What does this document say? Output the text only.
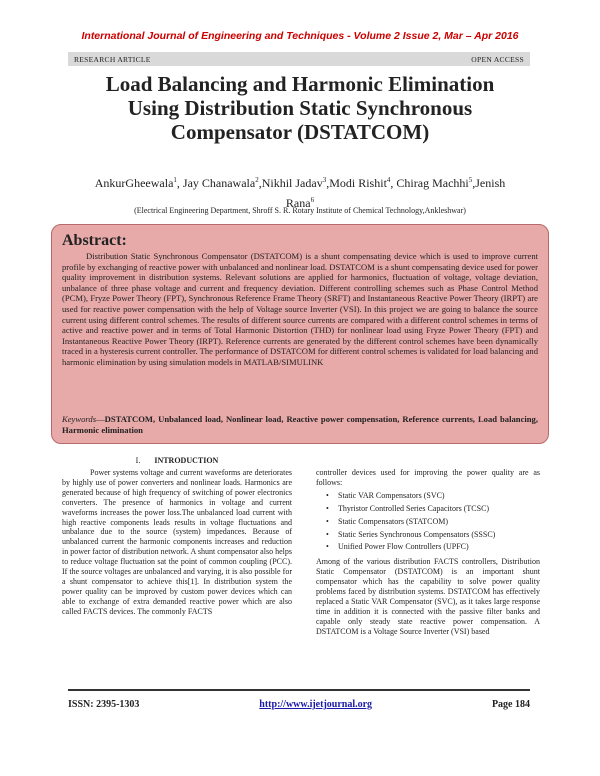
International Journal of Engineering and Techniques - Volume 2 Issue 2, Mar – Apr 2016
RESEARCH ARTICLE	OPEN ACCESS
Load Balancing and Harmonic Elimination
Using Distribution Static Synchronous
Compensator (DSTATCOM)
AnkurGheewala$^1$, Jay Chanawala$^2$,Nikhil Jadav$^3$,Modi Rishit$^4$, Chirag Machhi$^5$,Jenish Rana$^6$
(Electrical Engineering Department, Shroff S. R. Rotary Institute of Chemical Technology,Ankleshwar)
Abstract:
Distribution Static Synchronous Compensator (DSTATCOM) is a shunt compensating device which is used to improve current profile by exchanging of reactive power with unbalanced and nonlinear load. DSTATCOM is a shunt compensating device used for power quality improvement in distribution systems. Relevant solutions are applied for harmonics, fluctuation of voltage, voltage deviation, unbalance of three phase voltage and current and frequency deviation. Different controlling schemes such as Phase Control Method (PCM), Fryze Power Theory (FPT), Synchronous Reference Frame Theory (SRFT) and Instantaneous Reactive Power Theory (IRPT) are used for reactive power compensation with the help of Voltage source Inverter (VSI). In this project we are going to balance the source current using different control schemes. The results of different source currents are compared with a different control schemes in terms of active and reactive power and in terms of Total Harmonic Distortion (THD) for nonlinear load using Fryze Power Theory (FPT) and Instantaneous Reactive Power Theory (IRPT). Reference currents are generated by the different control schemes have been dynamically traced in a hysteresis current controller. The performance of DSTATCOM for different control schemes is validated for load balancing and harmonic elimination by using simulation models in MATLAB/SIMULINK
Keywords—DSTATCOM, Unbalanced load, Nonlinear load, Reactive power compensation, Reference currents, Load balancing, Harmonic elimination
I. INTRODUCTION

Power systems voltage and current waveforms are deteriorates by highly use of power converters and nonlinear loads. Harmonics are generated because of high frequency of switching of power electronics converters. The presence of harmonics in voltage and current waveforms increases the power loss.The unbalanced load current with high reactive components leads results in voltage fluctuations and unbalance due to the source (system) impedances. Because of unbalanced current the harmonic components increases and reduction in power factor of distribution network. A shunt compensator also helps to reduce voltage fluctuation sat the point of common coupling (PCC). If the source voltages are unbalanced and varying, it is also possible for a shunt compensator to achieve this[1]. In distribution system the power quality can be improved by custom power devices which can able to exchange of extra demanded reactive power which are also called FACTS devices. The commonly FACTS

controller devices used for improving the power quality are as follows:

• Static VAR Compensators (SVC)
• Thyristor Controlled Series Capacitors (TCSC)
• Static Compensators (STATCOM)
• Static Series Synchronous Compensators (SSSC)
• Unified Power Flow Controllers (UPFC)

Among of the various distribution FACTS controllers, Distribution Static Compensator (DSTATCOM) is an important shunt compensator which has the capability to solve power quality problems faced by distribution systems. DSTATCOM has effectively replaced a Static VAR Compensator (SVC), as it takes large response time in addition it is connected with the passive filter banks and capable only steady state reactive power compensation. A DSTATCOM is a Voltage Source Inverter (VSI) based

ISSN: 2395-1303	http://www.ijetjournal.org	Page 184
